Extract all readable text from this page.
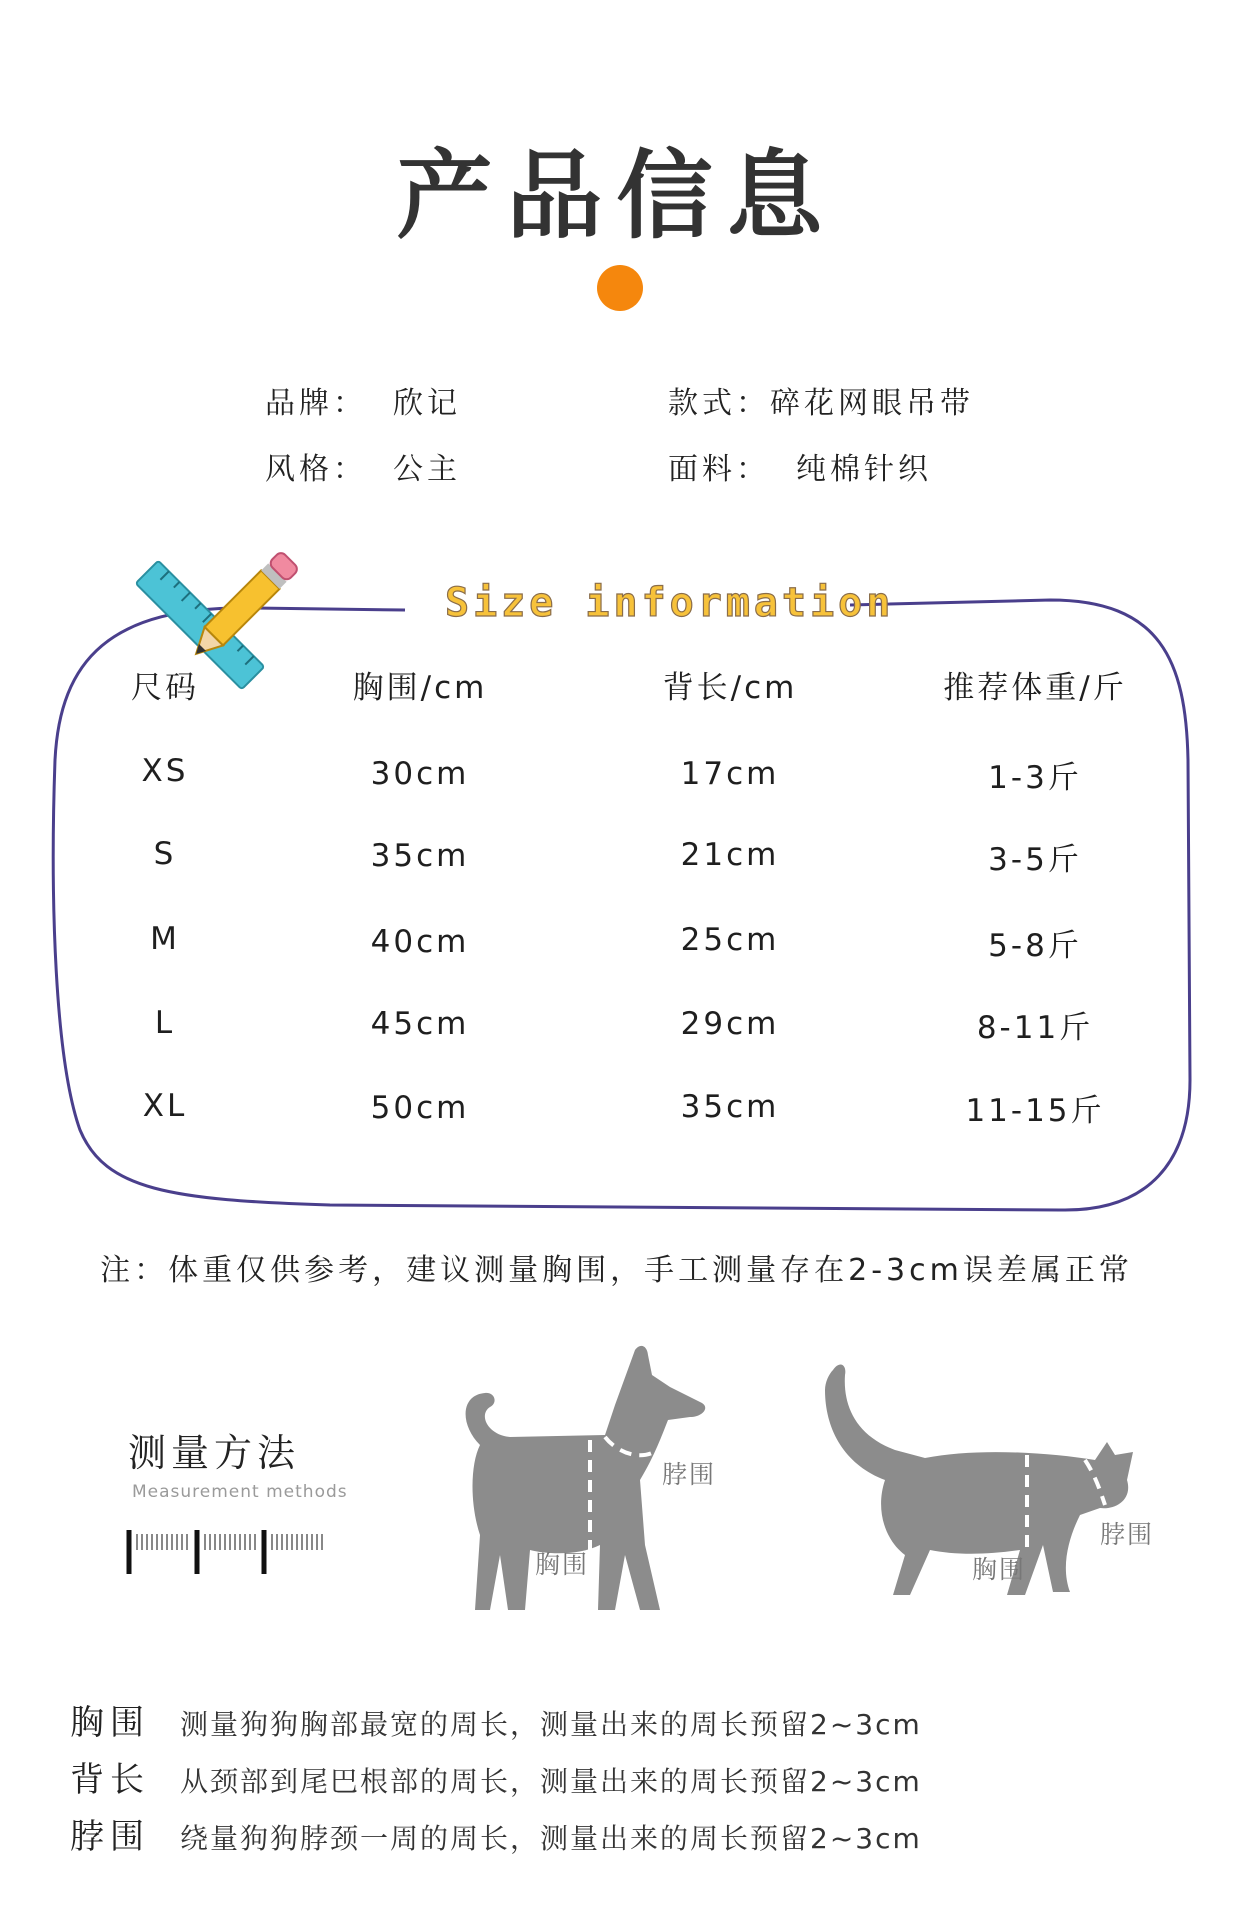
产品信息
品牌： 欣记	款式：碎花网眼吊带
风格： 公主	面料： 纯棉针织
Size information
尺码	胸围/cm	背长/cm	推荐体重/斤
XS	30cm	17cm	1-3斤
S	35cm	21cm	3-5斤
M	40cm	25cm	5-8斤
L	45cm	29cm	8-11斤
XL	50cm	35cm	11-15斤
注：体重仅供参考，建议测量胸围，手工测量存在2-3cm误差属正常
测量方法
Measurement methods
脖围
胸围
脖围
胸围
胸围 测量狗狗胸部最宽的周长，测量出来的周长预留2~3cm
背长 从颈部到尾巴根部的周长，测量出来的周长预留2~3cm
脖围 绕量狗狗脖颈一周的周长，测量出来的周长预留2~3cm
